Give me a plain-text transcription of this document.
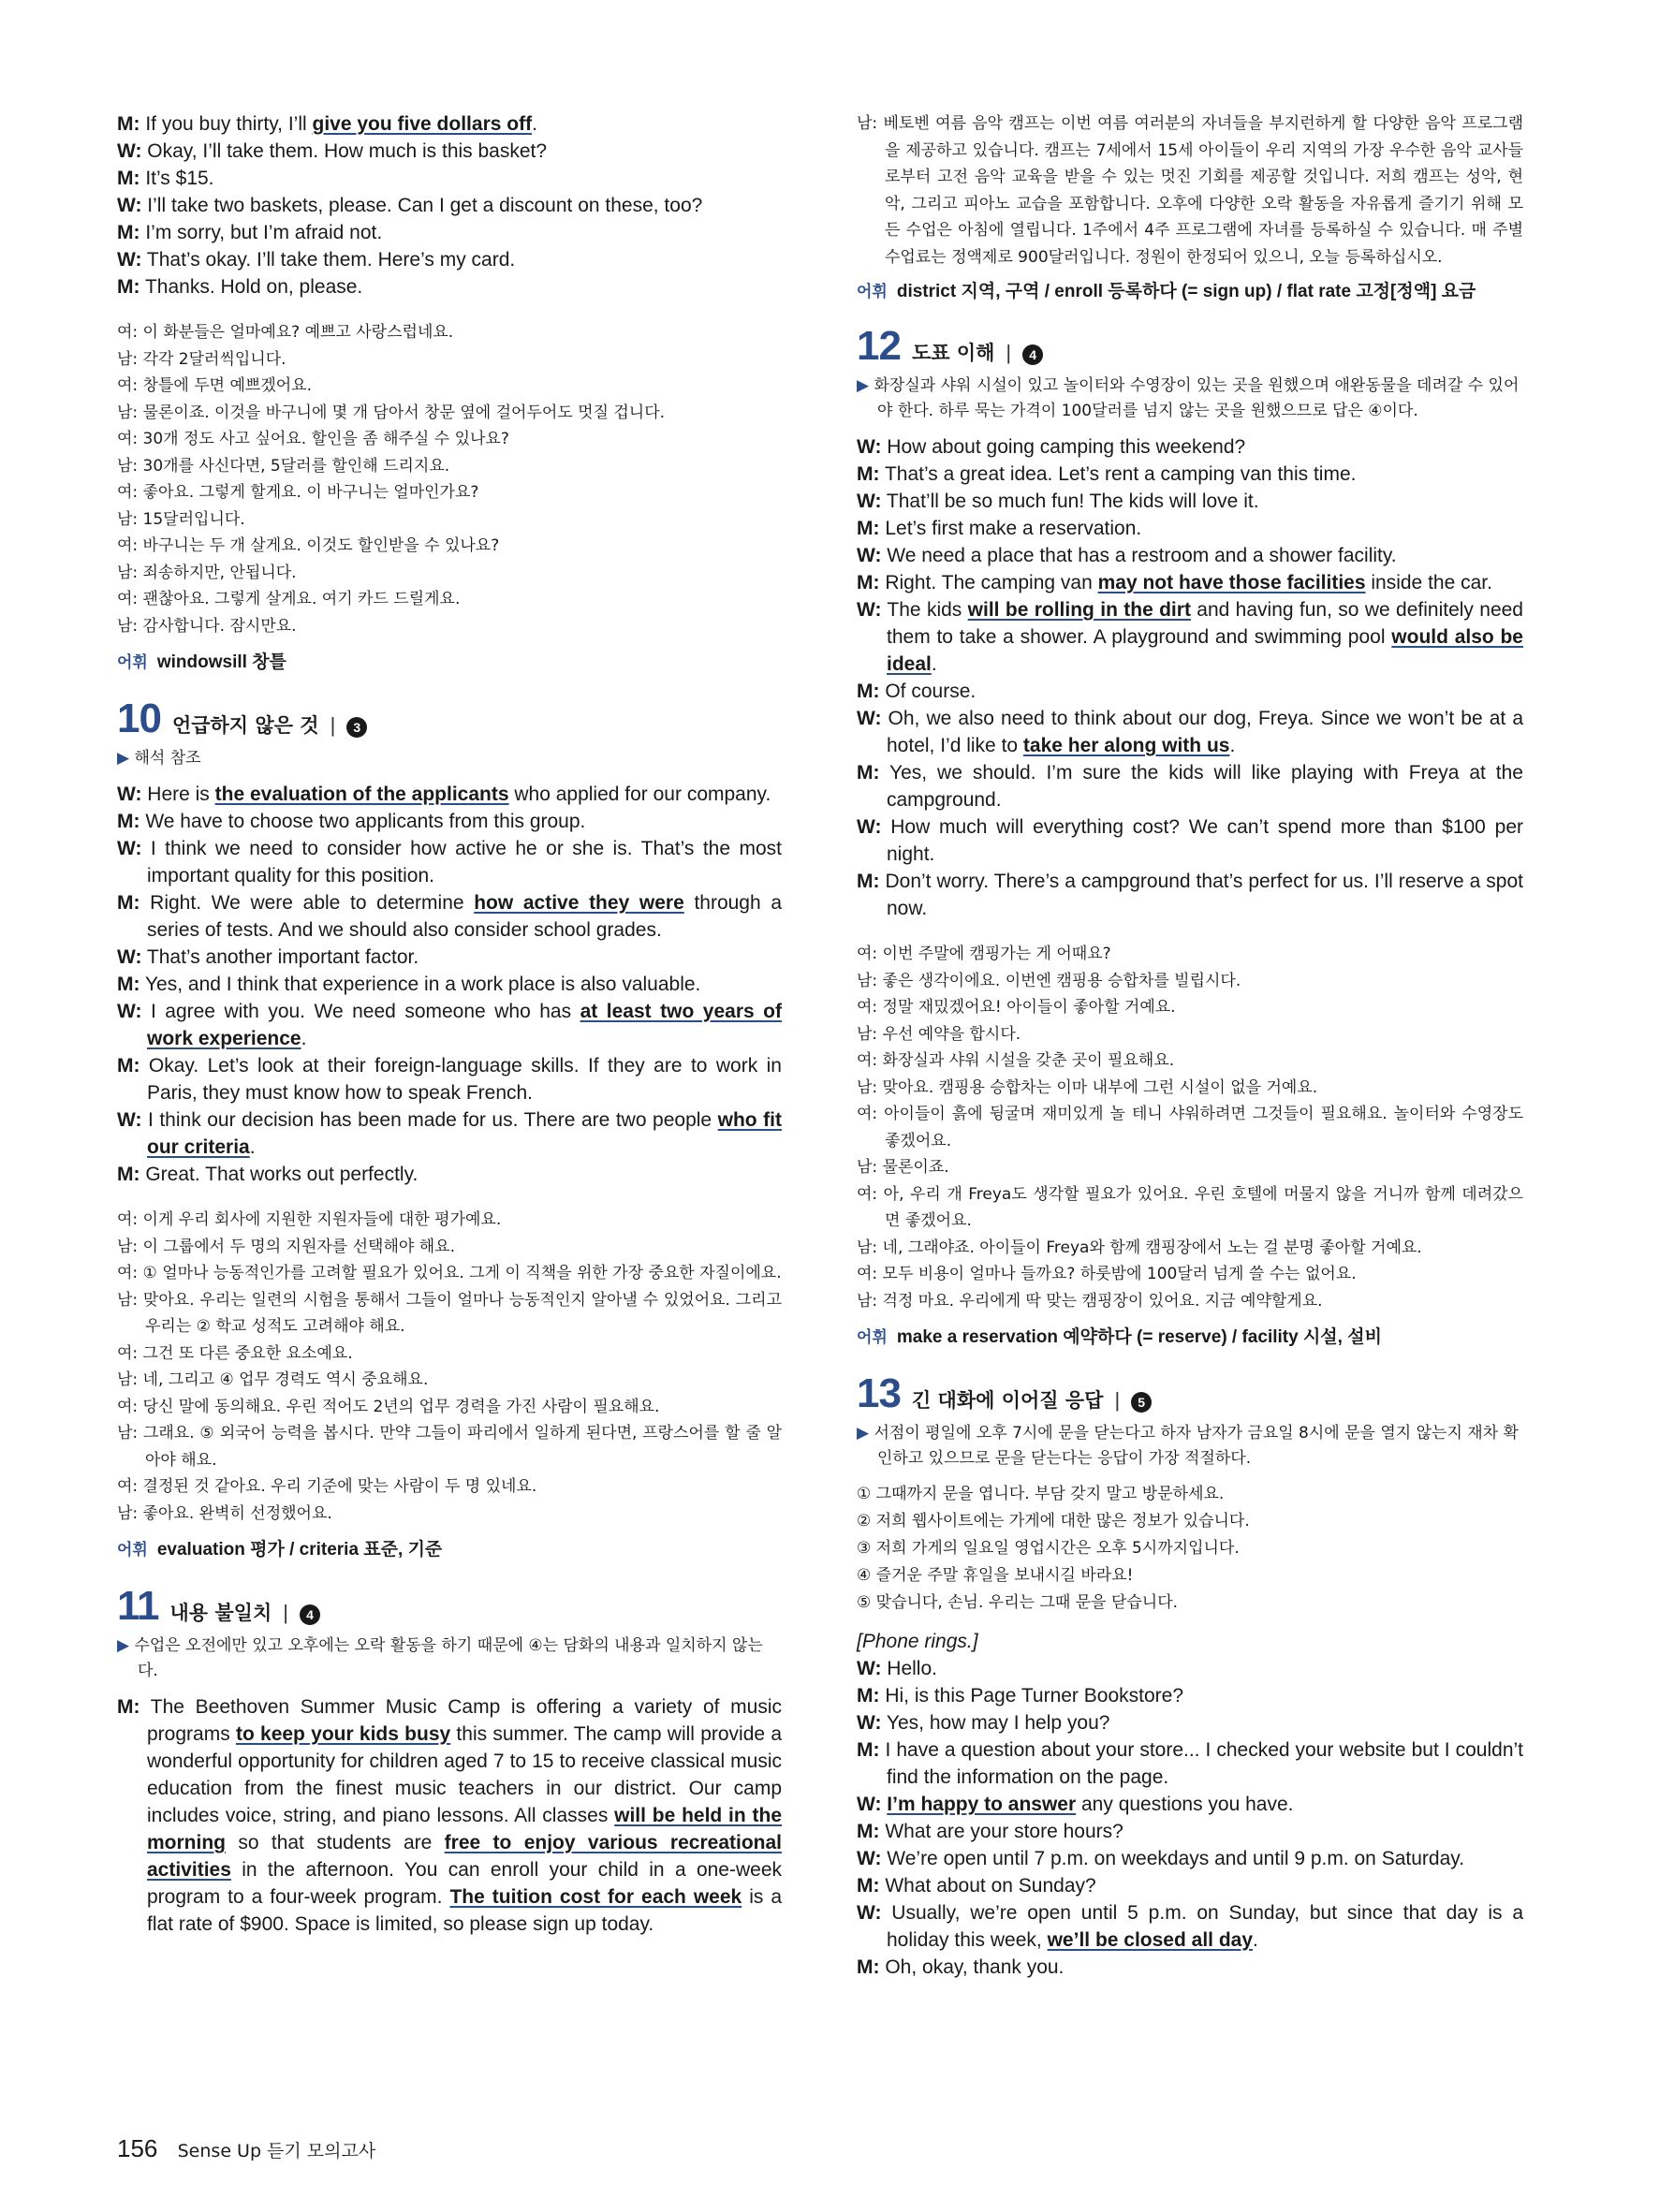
M: If you buy thirty, I’ll give you five dollars off.
W: Okay, I’ll take them. How much is this basket?
M: It’s $15.
W: I’ll take two baskets, please. Can I get a discount on these, too?
M: I’m sorry, but I’m afraid not.
W: That’s okay. I’ll take them. Here’s my card.
M: Thanks. Hold on, please.
여: 이 화분들은 얼마예요? 예쁘고 사랑스럽네요.
남: 각각 2달러씩입니다.
여: 창틀에 두면 예쁘겠어요.
남: 물론이죠. 이것을 바구니에 몇 개 담아서 창문 옆에 걸어두어도 멋질 겁니다.
여: 30개 정도 사고 싶어요. 할인을 좀 해주실 수 있나요?
남: 30개를 사신다면, 5달러를 할인해 드리지요.
여: 좋아요. 그렇게 할게요. 이 바구니는 얼마인가요?
남: 15달러입니다.
여: 바구니는 두 개 살게요. 이것도 할인받을 수 있나요?
남: 죄송하지만, 안됩니다.
여: 괜찮아요. 그렇게 살게요. 여기 카드 드릴게요.
남: 감사합니다. 잠시만요.
어휘 windowsill 창틀
10 언급하지 않은 것 |	3

▶ 해석 참조

W: Here is the evaluation of the applicants who applied for our company.
M: We have to choose two applicants from this group.
W: I think we need to consider how active he or she is. That’s the most important quality for this position.
M: Right. We were able to determine how active they were through a series of tests. And we should also consider school grades.
W: That’s another important factor.
M: Yes, and I think that experience in a work place is also valuable.
W: I agree with you. We need someone who has at least two years of work experience.
M: Okay. Let’s look at their foreign-language skills. If they are to work in Paris, they must know how to speak French.
W: I think our decision has been made for us. There are two people who fit our criteria.
M: Great. That works out perfectly.
여: 이게 우리 회사에 지원한 지원자들에 대한 평가예요.
남: 이 그룹에서 두 명의 지원자를 선택해야 해요.
여: ① 얼마나 능동적인가를 고려할 필요가 있어요. 그게 이 직책을 위한 가장 중요한 자질이에요.
남: 맞아요. 우리는 일련의 시험을 통해서 그들이 얼마나 능동적인지 알아낼 수 있었어요. 그리고 우리는 ② 학교 성적도 고려해야 해요.
여: 그건 또 다른 중요한 요소예요.
남: 네, 그리고 ④ 업무 경력도 역시 중요해요.
여: 당신 말에 동의해요. 우린 적어도 2년의 업무 경력을 가진 사람이 필요해요.
남: 그래요. ⑤ 외국어 능력을 봅시다. 만약 그들이 파리에서 일하게 된다면, 프랑스어를 할 줄 알아야 해요.
여: 결정된 것 같아요. 우리 기준에 맞는 사람이 두 명 있네요.
남: 좋아요. 완벽히 선정했어요.
어휘 evaluation 평가 / criteria 표준, 기준
11 내용 불일치 |	4

▶ 수업은 오전에만 있고 오후에는 오락 활동을 하기 때문에 ④는 담화의 내용과 일치하지 않는다.

M: The Beethoven Summer Music Camp is offering a variety of music programs to keep your kids busy this summer. The camp will provide a wonderful opportunity for children aged 7 to 15 to receive classical music education from the finest music teachers in our district. Our camp includes voice, string, and piano lessons. All classes will be held in the morning so that students are free to enjoy various recreational activities in the afternoon. You can enroll your child in a one-week program to a four-week program. The tuition cost for each week is a flat rate of $900. Space is limited, so please sign up today.
남: 베토벤 여름 음악 캠프는 이번 여름 여러분의 자녀들을 부지런하게 할 다양한 음악 프로그램을 제공하고 있습니다. 캠프는 7세에서 15세 아이들이 우리 지역의 가장 우수한 음악 교사들로부터 고전 음악 교육을 받을 수 있는 멋진 기회를 제공할 것입니다. 저희 캠프는 성악, 현악, 그리고 피아노 교습을 포함합니다. 오후에 다양한 오락 활동을 자유롭게 즐기기 위해 모든 수업은 아침에 열립니다. 1주에서 4주 프로그램에 자녀를 등록하실 수 있습니다. 매 주별 수업료는 정액제로 900달러입니다. 정원이 한정되어 있으니, 오늘 등록하십시오.
어휘 district 지역, 구역 / enroll 등록하다 (= sign up) / flat rate 고정[정액] 요금
12 도표 이해 |	4

▶ 화장실과 샤워 시설이 있고 놀이터와 수영장이 있는 곳을 원했으며 애완동물을 데려갈 수 있어야 한다. 하루 묵는 가격이 100달러를 넘지 않는 곳을 원했으므로 답은 ④이다.

W: How about going camping this weekend?
M: That’s a great idea. Let’s rent a camping van this time.
W: That’ll be so much fun! The kids will love it.
M: Let’s first make a reservation.
W: We need a place that has a restroom and a shower facility.
M: Right. The camping van may not have those facilities inside the car.
W: The kids will be rolling in the dirt and having fun, so we definitely need them to take a shower. A playground and swimming pool would also be ideal.
M: Of course.
W: Oh, we also need to think about our dog, Freya. Since we won’t be at a hotel, I’d like to take her along with us.
M: Yes, we should. I’m sure the kids will like playing with Freya at the campground.
W: How much will everything cost? We can’t spend more than $100 per night.
M: Don’t worry. There’s a campground that’s perfect for us. I’ll reserve a spot now.
여: 이번 주말에 캠핑가는 게 어때요?
남: 좋은 생각이에요. 이번엔 캠핑용 승합차를 빌립시다.
여: 정말 재밌겠어요! 아이들이 좋아할 거예요.
남: 우선 예약을 합시다.
여: 화장실과 샤워 시설을 갖춘 곳이 필요해요.
남: 맞아요. 캠핑용 승합차는 이마 내부에 그런 시설이 없을 거예요.
여: 아이들이 흙에 뒹굴며 재미있게 놀 테니 샤워하려면 그것들이 필요해요. 놀이터와 수영장도 좋겠어요.
남: 물론이죠.
여: 아, 우리 개 Freya도 생각할 필요가 있어요. 우린 호텔에 머물지 않을 거니까 함께 데려갔으면 좋겠어요.
남: 네, 그래야죠. 아이들이 Freya와 함께 캠핑장에서 노는 걸 분명 좋아할 거예요.
여: 모두 비용이 얼마나 들까요? 하룻밤에 100달러 넘게 쓸 수는 없어요.
남: 걱정 마요. 우리에게 딱 맞는 캠핑장이 있어요. 지금 예약할게요.
어휘 make a reservation 예약하다 (= reserve) / facility 시설, 설비
13 긴 대화에 이어질 응답 |	5

▶ 서점이 평일에 오후 7시에 문을 닫는다고 하자 남자가 금요일 8시에 문을 열지 않는지 재차 확인하고 있으므로 문을 닫는다는 응답이 가장 적절하다.

① 그때까지 문을 엽니다. 부담 갖지 말고 방문하세요.
② 저희 웹사이트에는 가게에 대한 많은 정보가 있습니다.
③ 저희 가게의 일요일 영업시간은 오후 5시까지입니다.
④ 즐거운 주말 휴일을 보내시길 바라요!
⑤ 맞습니다, 손님. 우리는 그때 문을 닫습니다.
[Phone rings.]
W: Hello.
M: Hi, is this Page Turner Bookstore?
W: Yes, how may I help you?
M: I have a question about your store... I checked your website but I couldn’t find the information on the page.
W: I’m happy to answer any questions you have.
M: What are your store hours?
W: We’re open until 7 p.m. on weekdays and until 9 p.m. on Saturday.
M: What about on Sunday?
W: Usually, we’re open until 5 p.m. on Sunday, but since that day is a holiday this week, we’ll be closed all day.
M: Oh, okay, thank you.
156 Sense Up 듣기 모의고사
